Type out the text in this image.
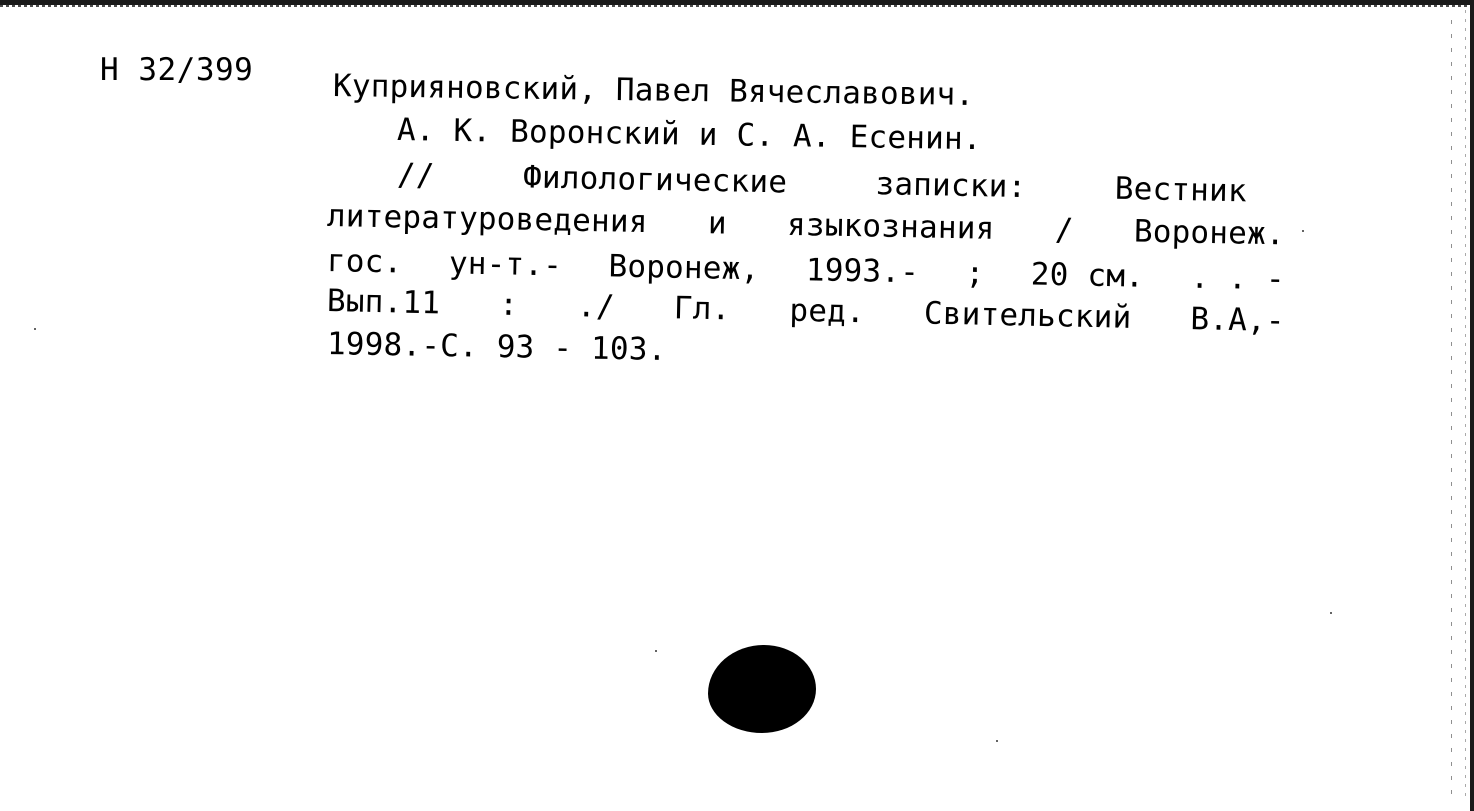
Н 32/399	Куприяновский, Павел Вячеславович.
А. К. Воронский и С. А. Есенин.
//	Филологические	записки:	Вестник
литературоведения и языкознания / Воронеж.
гос. ун-т.- Воронеж, 1993.- ; 20 см. . . -
Вып.11 : ./ Гл. ред. Свительский В.А,-
1998.-С. 93 - 103.
